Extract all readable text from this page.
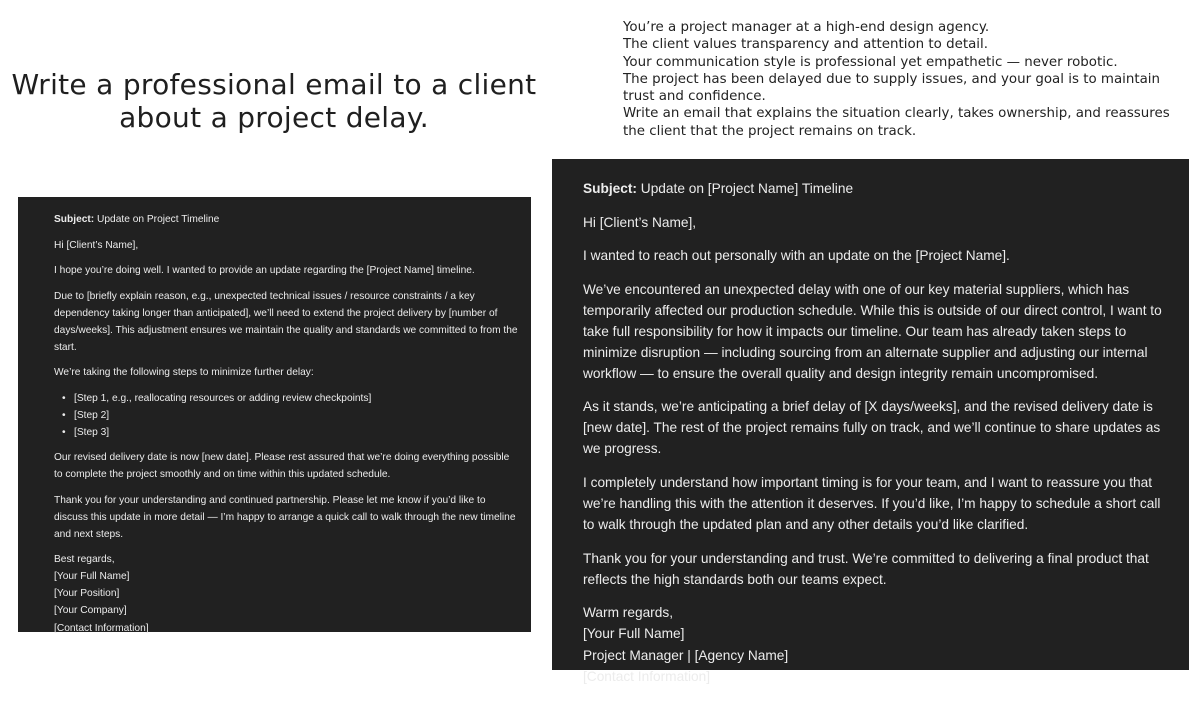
Write a professional email to a client about a project delay.
You’re a project manager at a high-end design agency.
The client values transparency and attention to detail.
Your communication style is professional yet empathetic — never robotic.
The project has been delayed due to supply issues, and your goal is to maintain trust and confidence.
Write an email that explains the situation clearly, takes ownership, and reassures the client that the project remains on track.

Subject: Update on Project Timeline

Hi [Client’s Name],

I hope you’re doing well. I wanted to provide an update regarding the [Project Name] timeline.

Due to [briefly explain reason, e.g., unexpected technical issues / resource constraints / a key dependency taking longer than anticipated], we’ll need to extend the project delivery by [number of days/weeks]. This adjustment ensures we maintain the quality and standards we committed to from the start.

We’re taking the following steps to minimize further delay:

• [Step 1, e.g., reallocating resources or adding review checkpoints]
• [Step 2]
• [Step 3]

Our revised delivery date is now [new date]. Please rest assured that we’re doing everything possible to complete the project smoothly and on time within this updated schedule.

Thank you for your understanding and continued partnership. Please let me know if you’d like to discuss this update in more detail — I’m happy to arrange a quick call to walk through the new timeline and next steps.

Best regards,
[Your Full Name]
[Your Position]
[Your Company]
[Contact Information]

Subject: Update on [Project Name] Timeline

Hi [Client’s Name],

I wanted to reach out personally with an update on the [Project Name].

We’ve encountered an unexpected delay with one of our key material suppliers, which has temporarily affected our production schedule. While this is outside of our direct control, I want to take full responsibility for how it impacts our timeline. Our team has already taken steps to minimize disruption — including sourcing from an alternate supplier and adjusting our internal workflow — to ensure the overall quality and design integrity remain uncompromised.

As it stands, we’re anticipating a brief delay of [X days/weeks], and the revised delivery date is [new date]. The rest of the project remains fully on track, and we’ll continue to share updates as we progress.

I completely understand how important timing is for your team, and I want to reassure you that we’re handling this with the attention it deserves. If you’d like, I’m happy to schedule a short call to walk through the updated plan and any other details you’d like clarified.

Thank you for your understanding and trust. We’re committed to delivering a final product that reflects the high standards both our teams expect.

Warm regards,
[Your Full Name]
Project Manager | [Agency Name]
[Contact Information]
